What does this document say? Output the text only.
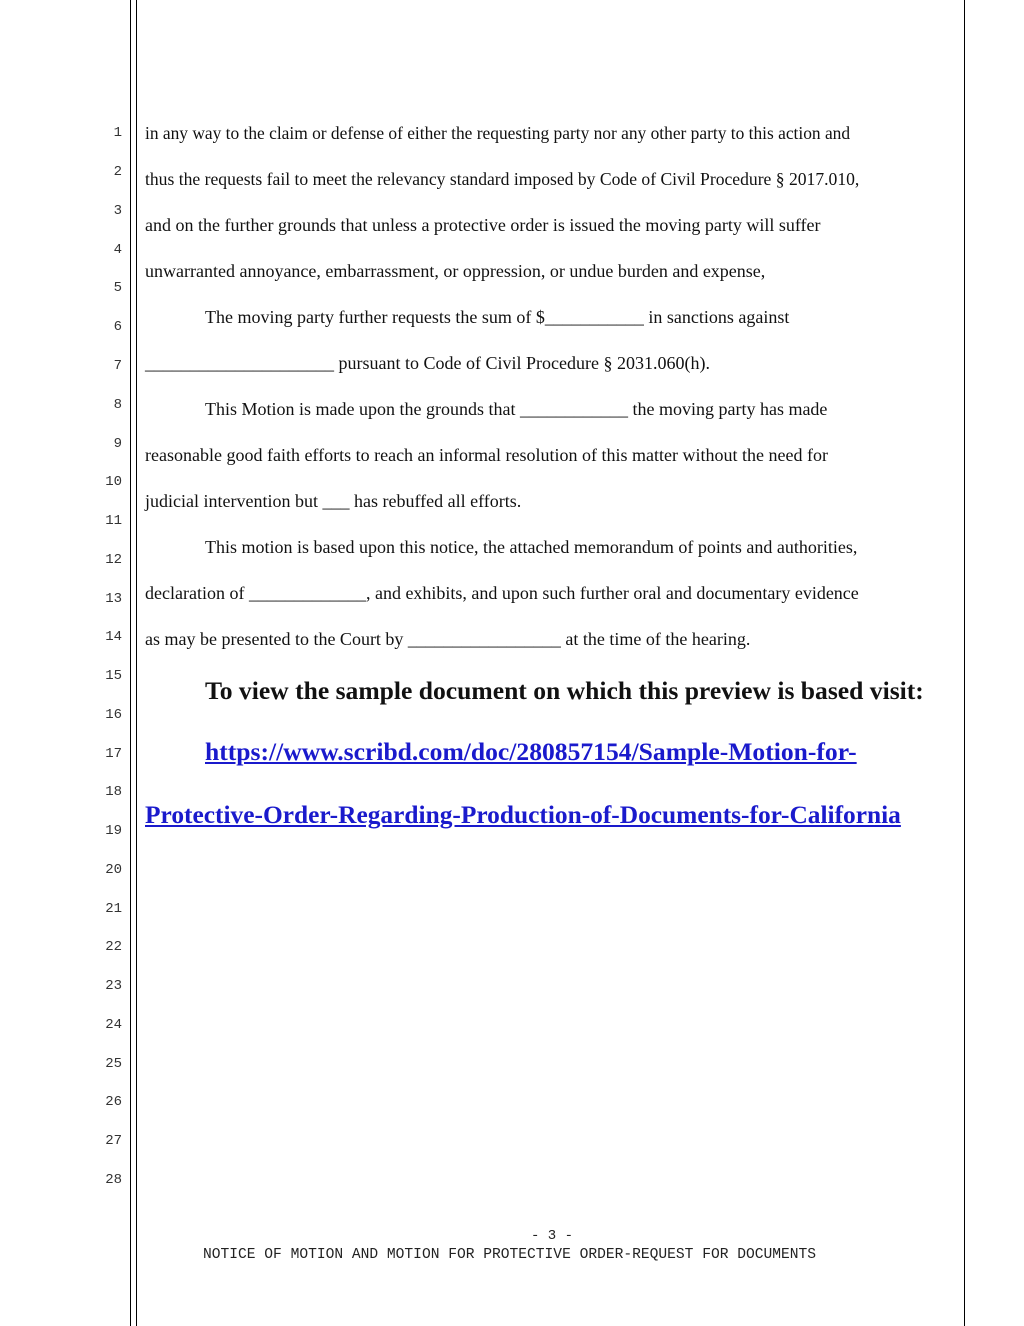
1
2
3
4
5
6
7
8
9
10
11
12
13
14
15
16
17
18
19
20
21
22
23
24
25
26
27
28
in any way to the claim or defense of either the requesting party nor any other party to this action and
thus the requests fail to meet the relevancy standard imposed by Code of Civil Procedure § 2017.010,
and on the further grounds that unless a protective order is issued the moving party will suffer
unwarranted annoyance, embarrassment, or oppression, or undue burden and expense,
The moving party further requests the sum of $___________ in sanctions against
_____________________ pursuant to Code of Civil Procedure § 2031.060(h).
This Motion is made upon the grounds that ____________ the moving party has made
reasonable good faith efforts to reach an informal resolution of this matter without the need for
judicial intervention but ___ has rebuffed all efforts.
This motion is based upon this notice, the attached memorandum of points and authorities,
declaration of _____________, and exhibits, and upon such further oral and documentary evidence
as may be presented to the Court by _________________ at the time of the hearing.
To view the sample document on which this preview is based visit:
https://www.scribd.com/doc/280857154/Sample-Motion-for-
Protective-Order-Regarding-Production-of-Documents-for-California
- 3 -
NOTICE OF MOTION AND MOTION FOR PROTECTIVE ORDER-REQUEST FOR DOCUMENTS
